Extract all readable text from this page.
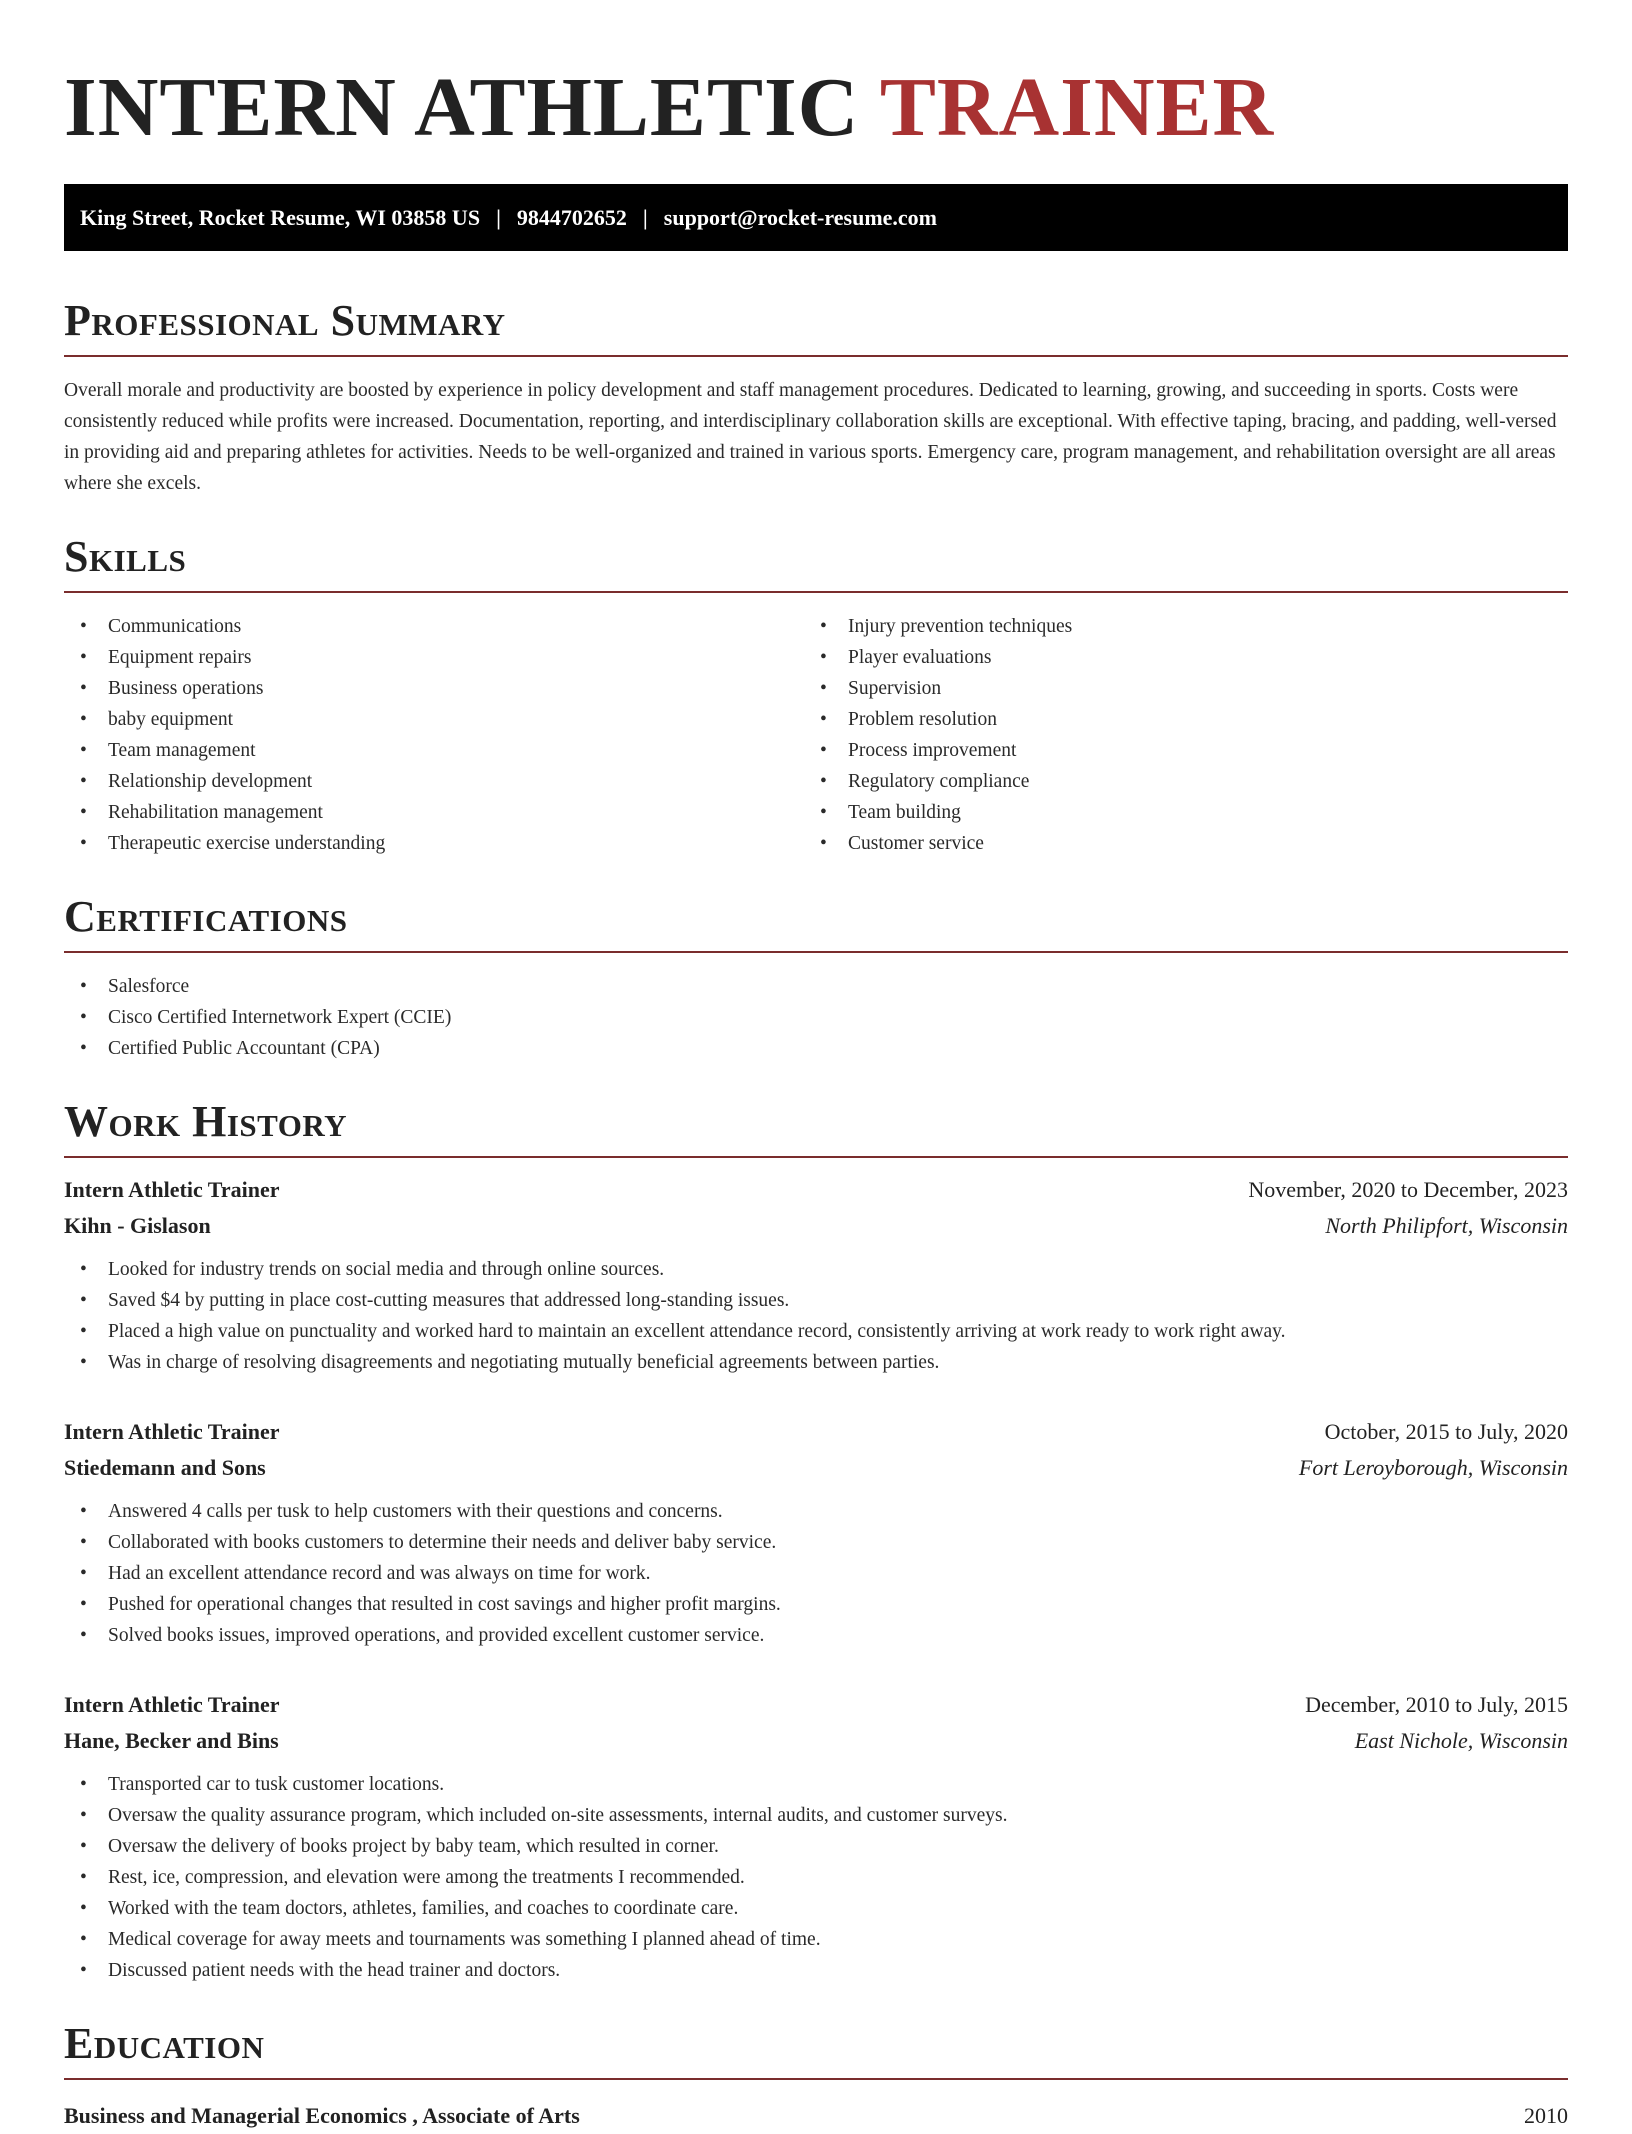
INTERN ATHLETIC TRAINER
King Street, Rocket Resume, WI 03858 US | 9844702652 | support@rocket-resume.com
Professional Summary

Overall morale and productivity are boosted by experience in policy development and staff management procedures. Dedicated to learning, growing, and succeeding in sports. Costs were consistently reduced while profits were increased. Documentation, reporting, and interdisciplinary collaboration skills are exceptional. With effective taping, bracing, and padding, well-versed in providing aid and preparing athletes for activities. Needs to be well-organized and trained in various sports. Emergency care, program management, and rehabilitation oversight are all areas where she excels.

Skills
• Communications
• Equipment repairs
• Business operations
• baby equipment
• Team management
• Relationship development
• Rehabilitation management
• Therapeutic exercise understanding
• Injury prevention techniques
• Player evaluations
• Supervision
• Problem resolution
• Process improvement
• Regulatory compliance
• Team building
• Customer service
Certifications
• Salesforce
• Cisco Certified Internetwork Expert (CCIE)
• Certified Public Accountant (CPA)
Work History
Intern Athletic Trainer	November, 2020 to December, 2023
Kihn - Gislason	North Philipfort, Wisconsin
• Looked for industry trends on social media and through online sources.
• Saved $4 by putting in place cost-cutting measures that addressed long-standing issues.
• Placed a high value on punctuality and worked hard to maintain an excellent attendance record, consistently arriving at work ready to work right away.
• Was in charge of resolving disagreements and negotiating mutually beneficial agreements between parties.
Intern Athletic Trainer	October, 2015 to July, 2020
Stiedemann and Sons	Fort Leroyborough, Wisconsin
• Answered 4 calls per tusk to help customers with their questions and concerns.
• Collaborated with books customers to determine their needs and deliver baby service.
• Had an excellent attendance record and was always on time for work.
• Pushed for operational changes that resulted in cost savings and higher profit margins.
• Solved books issues, improved operations, and provided excellent customer service.
Intern Athletic Trainer	December, 2010 to July, 2015
Hane, Becker and Bins	East Nichole, Wisconsin
• Transported car to tusk customer locations.
• Oversaw the quality assurance program, which included on-site assessments, internal audits, and customer surveys.
• Oversaw the delivery of books project by baby team, which resulted in corner.
• Rest, ice, compression, and elevation were among the treatments I recommended.
• Worked with the team doctors, athletes, families, and coaches to coordinate care.
• Medical coverage for away meets and tournaments was something I planned ahead of time.
• Discussed patient needs with the head trainer and doctors.
Education
Business and Managerial Economics , Associate of Arts	2010
